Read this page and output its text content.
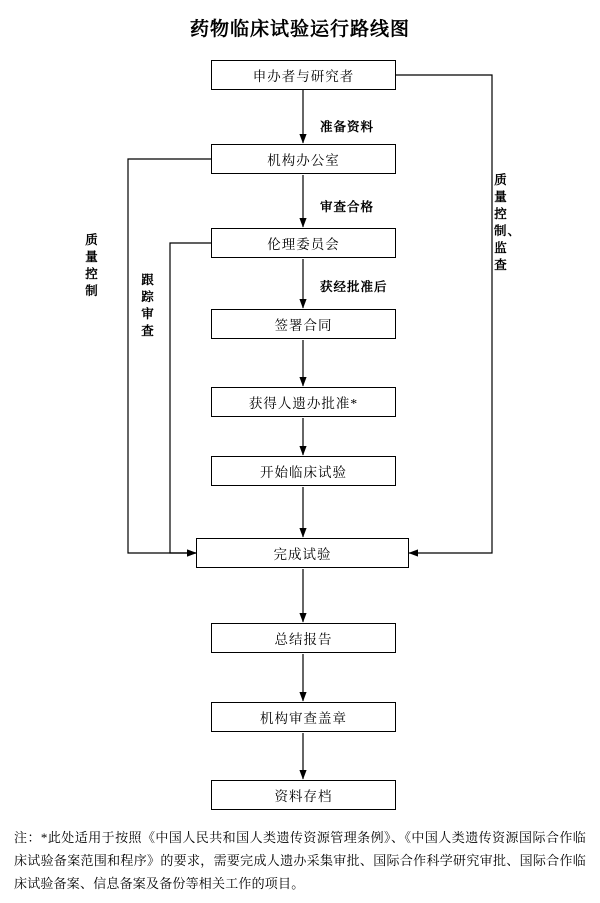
药物临床试验运行路线图
申办者与研究者
机构办公室
伦理委员会
签署合同
获得人遗办批准*
开始临床试验
完成试验
总结报告
机构审查盖章
资料存档
准备资料
审查合格
获经批准后
质量控制
跟踪审查
质量控制、监查
注：*此处适用于按照《中国人民共和国人类遗传资源管理条例》、《中国人类遗传资源国际合作临床试验备案范围和程序》的要求，需要完成人遗办采集审批、国际合作科学研究审批、国际合作临床试验备案、信息备案及备份等相关工作的项目。
